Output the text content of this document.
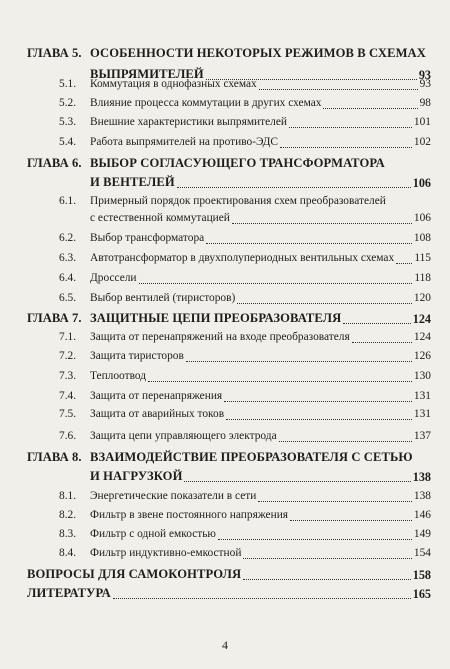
ГЛАВА 5. ОСОБЕННОСТИ НЕКОТОРЫХ РЕЖИМОВ В СХЕМАХ
ВЫПРЯМИТЕЛЕЙ	93
5.1. Коммутация в однофазных схемах	93
5.2. Влияние процесса коммутации в других схемах	98
5.3. Внешние характеристики выпрямителей	101
5.4. Работа выпрямителей на противо-ЭДС	102
ГЛАВА 6. ВЫБОР СОГЛАСУЮЩЕГО ТРАНСФОРМАТОРА
И ВЕНТЕЛЕЙ	106
6.1. Примерный порядок проектирования схем преобразователей
с естественной коммутацией	106
6.2. Выбор трансформатора	108
6.3. Автотрансформатор в двухполупериодных вентильных схемах 115
6.4. Дроссели	118
6.5. Выбор вентилей (тиристоров)	120
ГЛАВА 7. ЗАЩИТНЫЕ ЦЕПИ ПРЕОБРАЗОВАТЕЛЯ	124
7.1. Защита от перенапряжений на входе преобразователя	124
7.2. Защита тиристоров	126
7.3. Теплоотвод	130
7.4. Защита от перенапряжения	131
7.5. Защита от аварийных токов	131
7.6. Защита цепи управляющего электрода	137
ГЛАВА 8. ВЗАИМОДЕЙСТВИЕ ПРЕОБРАЗОВАТЕЛЯ С СЕТЬЮ
И НАГРУЗКОЙ	138
8.1. Энергетические показатели в сети	138
8.2. Фильтр в звене постоянного напряжения	146
8.3. Фильтр с одной емкостью	149
8.4. Фильтр индуктивно-емкостной	154
ВОПРОСЫ ДЛЯ САМОКОНТРОЛЯ	158
ЛИТЕРАТУРА	165
4
